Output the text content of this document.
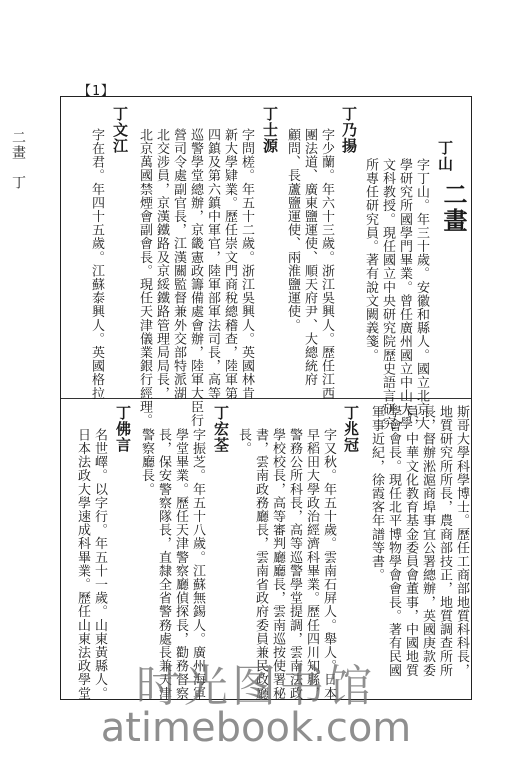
【1】
二畫　丁
二畫
丁山
字丁山。年三十歲。安徽和縣人。國立北京大
學研究所國學門畢業。曾任廣州國立中山大學
文科教授。現任國立中央研究院歷史語言研究
所專任研究員。著有說文闕義箋。
丁乃揚
字少蘭。年六十三歲。浙江吳興人。歷任江西
團法道、廣東鹽運使、順天府尹、大總統府
顧問、長蘆鹽運使、兩淮鹽運使。
丁士源
字問槎。年五十二歲。浙江吳興人。英國林肯
新大學肄業。歷任崇文門商稅總稽查，陸軍第
四鎮及第六鎮中軍官，陸軍部軍法司長，高等
巡警學堂總辦，京畿憲政籌備處會辦，陸軍大臣行
營司令處副官長，江漢關監督兼外交部特派湖
北交涉員，京漢鐵路及京綏鐵路管理局局長，
北京萬國禁煙會副會長。現任天津儀業銀行經理。
丁文江
字在君。年四十五歲。江蘇泰興人。英國格拉
斯哥大學科學博士。歷任工商部地質科科長，
地質研究所所長，農商部技正，地質調查所所
長，督辦淞滬商埠事宜公署總辦，英國庚款委
員，中華文化教育基金委員會董事，中國地質
學會會長。現任北平博物學會會長。著有民國
軍事近紀，徐霞客年譜等書。
丁兆冠
字又秋。年五十歲。雲南石屏人。舉人。日本
早稻田大學政治經濟科畢業。歷任四川知縣，
警務公所科長，高等巡警學堂提調，雲南法政
學校校長，高等審判廳廳長，雲南巡按使署秘
書，雲南政務廳長，雲南省政府委員兼民政廳
長。
丁宏荃
字振芝。年五十八歲。江蘇無錫人。廣州海軍
學堂畢業。歷任天津警察廳偵探長，勸務督察
長，保安警察隊長，直隸全省警務處長兼天津
警察廳長。
丁佛言
名世嶧。以字行。年五十一歲。山東黃縣人。
日本法政大學速成科畢業。歷任山東法政學堂	时光图书馆
atimebook.com
